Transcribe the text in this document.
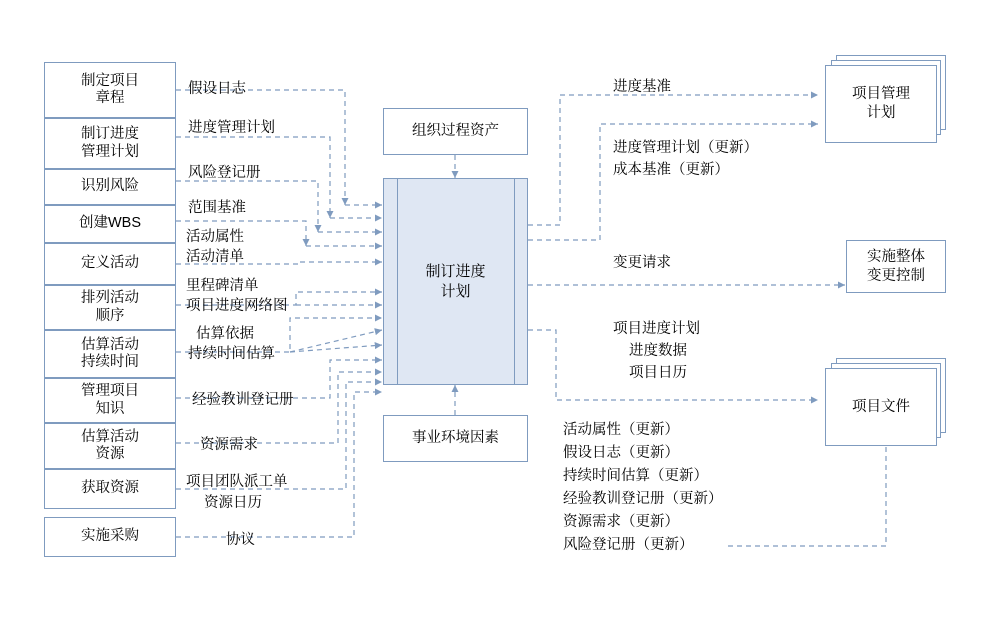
制定项目
章程
制订进度
管理计划
识别风险
创建WBS
定义活动
排列活动
顺序
估算活动
持续时间
管理项目
知识
估算活动
资源
获取资源
实施采购
假设日志
进度管理计划
风险登记册
范围基准
活动属性
活动清单
里程碑清单
项目进度网络图
估算依据
持续时间估算
经验教训登记册
资源需求
项目团队派工单
资源日历
协议
组织过程资产
事业环境因素
制订进度
计划
进度基准
进度管理计划（更新）
成本基准（更新）
变更请求
项目进度计划
进度数据
项目日历
活动属性（更新）
假设日志（更新）
持续时间估算（更新）
经验教训登记册（更新）
资源需求（更新）
风险登记册（更新）
项目管理
计划
实施整体
变更控制
项目文件
